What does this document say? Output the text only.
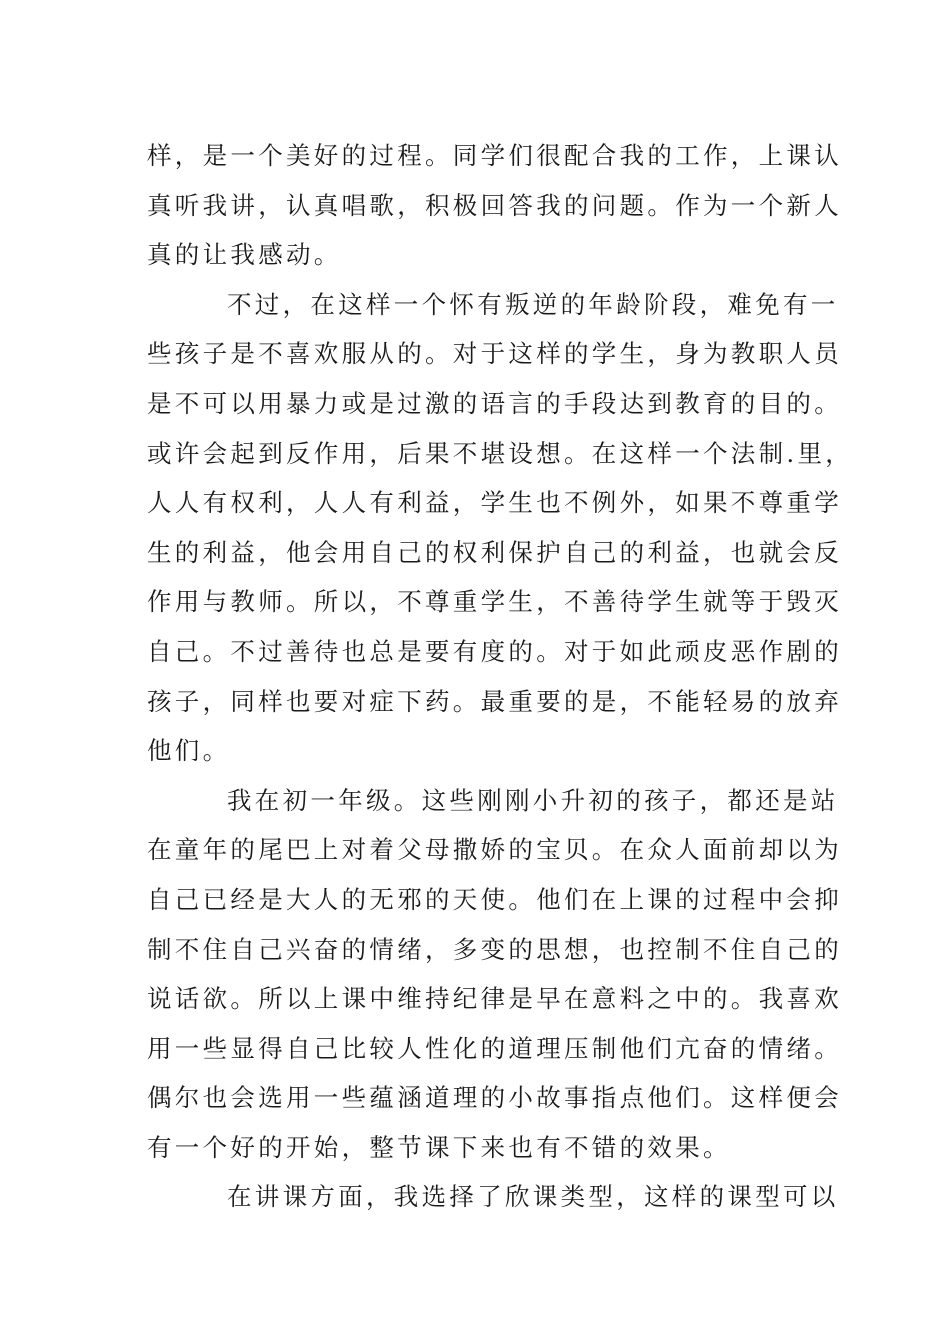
样，是一个美好的过程。同学们很配合我的工作，上课认
真听我讲，认真唱歌，积极回答我的问题。作为一个新人
真的让我感动。
不过，在这样一个怀有叛逆的年龄阶段，难免有一
些孩子是不喜欢服从的。对于这样的学生，身为教职人员
是不可以用暴力或是过激的语言的手段达到教育的目的。
或许会起到反作用，后果不堪设想。在这样一个法制.里，
人人有权利，人人有利益，学生也不例外，如果不尊重学
生的利益，他会用自己的权利保护自己的利益，也就会反
作用与教师。所以，不尊重学生，不善待学生就等于毁灭
自己。不过善待也总是要有度的。对于如此顽皮恶作剧的
孩子，同样也要对症下药。最重要的是，不能轻易的放弃
他们。
我在初一年级。这些刚刚小升初的孩子，都还是站
在童年的尾巴上对着父母撒娇的宝贝。在众人面前却以为
自己已经是大人的无邪的天使。他们在上课的过程中会抑
制不住自己兴奋的情绪，多变的思想，也控制不住自己的
说话欲。所以上课中维持纪律是早在意料之中的。我喜欢
用一些显得自己比较人性化的道理压制他们亢奋的情绪。
偶尔也会选用一些蕴涵道理的小故事指点他们。这样便会
有一个好的开始，整节课下来也有不错的效果。
在讲课方面，我选择了欣课类型，这样的课型可以
